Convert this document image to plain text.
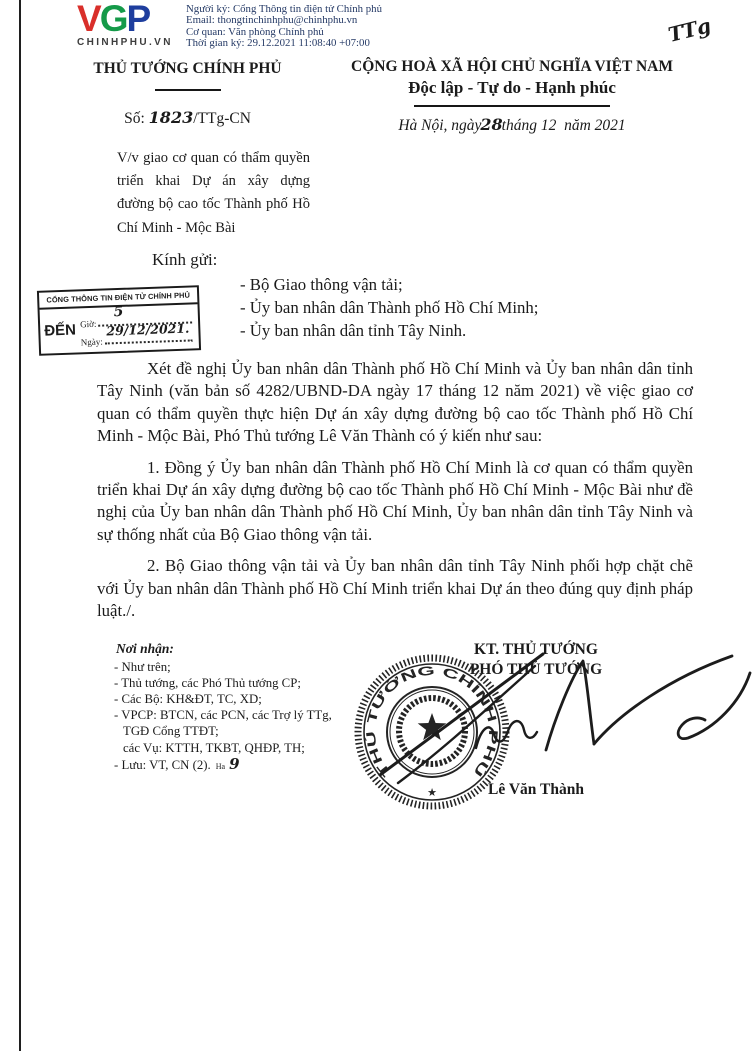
VGP
CHINHPHU.VN
Người ký: Cổng Thông tin điện tử Chính phủ
Email: thongtinchinhphu@chinhphu.vn
Cơ quan: Văn phòng Chính phủ
Thời gian ký: 29.12.2021 11:08:40 +07:00	TTg
THỦ TƯỚNG CHÍNH PHỦ
Số: 1823/TTg-CN
CỘNG HOÀ XÃ HỘI CHỦ NGHĨA VIỆT NAM
Độc lập - Tự do - Hạnh phúc
Hà Nội, ngày28tháng 12  năm 2021
V/v giao cơ quan có thẩm quyền triển khai Dự án xây dựng đường bộ cao tốc Thành phố Hồ Chí Minh - Mộc Bài
Kính gửi:
- Bộ Giao thông vận tải;
- Ủy ban nhân dân Thành phố Hồ Chí Minh;
- Ủy ban nhân dân tỉnh Tây Ninh.
CỔNG THÔNG TIN ĐIỆN TỬ CHÍNH PHỦ
ĐẾN Giờ:
5
Ngày:
29/12/2021.

Xét đề nghị Ủy ban nhân dân Thành phố Hồ Chí Minh và Ủy ban nhân dân tỉnh Tây Ninh (văn bản số 4282/UBND-DA ngày 17 tháng 12 năm 2021) về việc giao cơ quan có thẩm quyền thực hiện Dự án xây dựng đường bộ cao tốc Thành phố Hồ Chí Minh - Mộc Bài, Phó Thủ tướng Lê Văn Thành có ý kiến như sau:

1. Đồng ý Ủy ban nhân dân Thành phố Hồ Chí Minh là cơ quan có thẩm quyền triển khai Dự án xây dựng đường bộ cao tốc Thành phố Hồ Chí Minh - Mộc Bài như đề nghị của Ủy ban nhân dân Thành phố Hồ Chí Minh, Ủy ban nhân dân tỉnh Tây Ninh và sự thống nhất của Bộ Giao thông vận tải.

2. Bộ Giao thông vận tải và Ủy ban nhân dân tỉnh Tây Ninh phối hợp chặt chẽ với Ủy ban nhân dân Thành phố Hồ Chí Minh triển khai Dự án theo đúng quy định pháp luật./.

Nơi nhận:
- Như trên;
- Thủ tướng, các Phó Thủ tướng CP;
- Các Bộ: KH&ĐT, TC, XD;
- VPCP: BTCN, các PCN, các Trợ lý TTg,
TGĐ Cổng TTĐT;
các Vụ: KTTH, TKBT, QHĐP, TH;
- Lưu: VT, CN (2). Ha 9
KT. THỦ TƯỚNG
PHÓ THỦ TƯỚNG
Lê Văn Thành
THỦ TƯỚNG CHÍNH PHỦ
★
